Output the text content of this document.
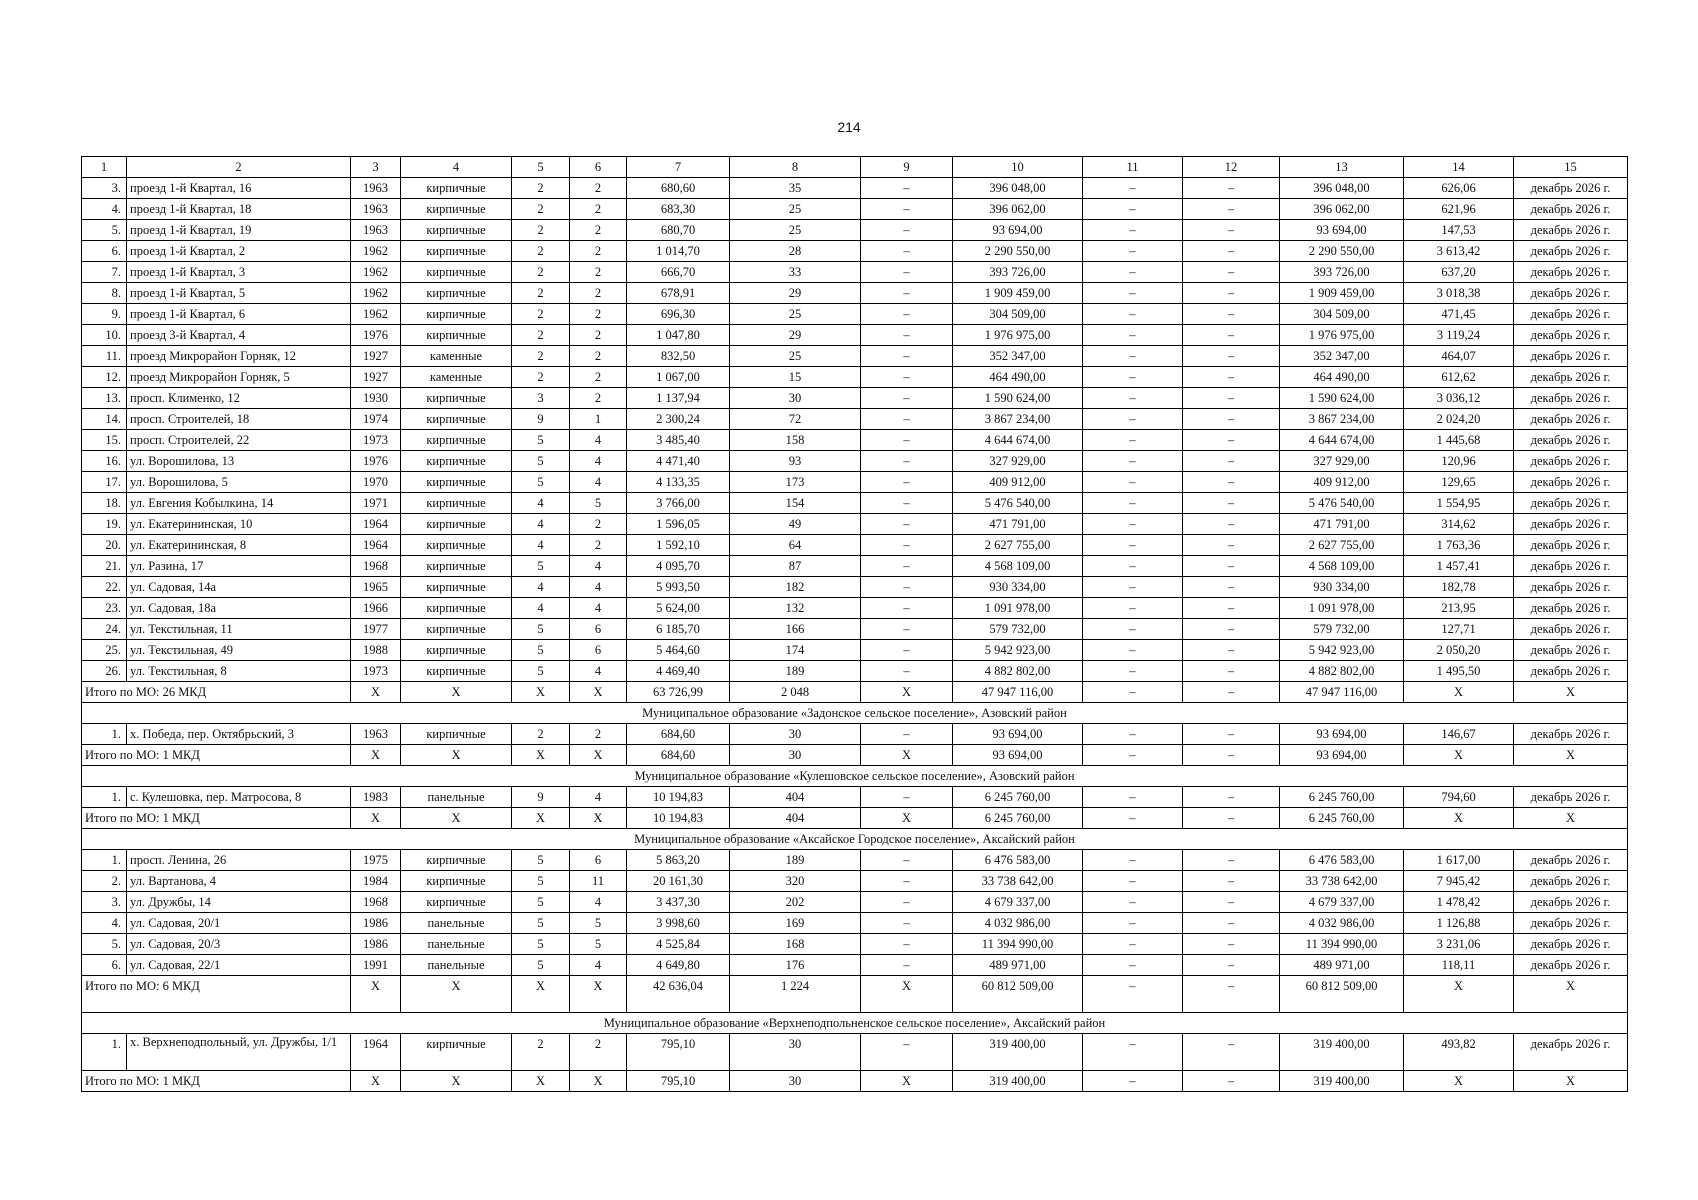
214
1	2	3	4	5	6	7	8	9	10	11	12	13	14	15
3.	проезд 1-й Квартал, 16	1963	кирпичные	2	2	680,60	35	–	396 048,00	–	–	396 048,00	626,06	декабрь 2026 г.
4.	проезд 1-й Квартал, 18	1963	кирпичные	2	2	683,30	25	–	396 062,00	–	–	396 062,00	621,96	декабрь 2026 г.
5.	проезд 1-й Квартал, 19	1963	кирпичные	2	2	680,70	25	–	93 694,00	–	–	93 694,00	147,53	декабрь 2026 г.
6.	проезд 1-й Квартал, 2	1962	кирпичные	2	2	1 014,70	28	–	2 290 550,00	–	–	2 290 550,00	3 613,42	декабрь 2026 г.
7.	проезд 1-й Квартал, 3	1962	кирпичные	2	2	666,70	33	–	393 726,00	–	–	393 726,00	637,20	декабрь 2026 г.
8.	проезд 1-й Квартал, 5	1962	кирпичные	2	2	678,91	29	–	1 909 459,00	–	–	1 909 459,00	3 018,38	декабрь 2026 г.
9.	проезд 1-й Квартал, 6	1962	кирпичные	2	2	696,30	25	–	304 509,00	–	–	304 509,00	471,45	декабрь 2026 г.
10.	проезд 3-й Квартал, 4	1976	кирпичные	2	2	1 047,80	29	–	1 976 975,00	–	–	1 976 975,00	3 119,24	декабрь 2026 г.
11.	проезд Микрорайон Горняк, 12	1927	каменные	2	2	832,50	25	–	352 347,00	–	–	352 347,00	464,07	декабрь 2026 г.
12.	проезд Микрорайон Горняк, 5	1927	каменные	2	2	1 067,00	15	–	464 490,00	–	–	464 490,00	612,62	декабрь 2026 г.
13.	просп. Клименко, 12	1930	кирпичные	3	2	1 137,94	30	–	1 590 624,00	–	–	1 590 624,00	3 036,12	декабрь 2026 г.
14.	просп. Строителей, 18	1974	кирпичные	9	1	2 300,24	72	–	3 867 234,00	–	–	3 867 234,00	2 024,20	декабрь 2026 г.
15.	просп. Строителей, 22	1973	кирпичные	5	4	3 485,40	158	–	4 644 674,00	–	–	4 644 674,00	1 445,68	декабрь 2026 г.
16.	ул. Ворошилова, 13	1976	кирпичные	5	4	4 471,40	93	–	327 929,00	–	–	327 929,00	120,96	декабрь 2026 г.
17.	ул. Ворошилова, 5	1970	кирпичные	5	4	4 133,35	173	–	409 912,00	–	–	409 912,00	129,65	декабрь 2026 г.
18.	ул. Евгения Кобылкина, 14	1971	кирпичные	4	5	3 766,00	154	–	5 476 540,00	–	–	5 476 540,00	1 554,95	декабрь 2026 г.
19.	ул. Екатерининская, 10	1964	кирпичные	4	2	1 596,05	49	–	471 791,00	–	–	471 791,00	314,62	декабрь 2026 г.
20.	ул. Екатерининская, 8	1964	кирпичные	4	2	1 592,10	64	–	2 627 755,00	–	–	2 627 755,00	1 763,36	декабрь 2026 г.
21.	ул. Разина, 17	1968	кирпичные	5	4	4 095,70	87	–	4 568 109,00	–	–	4 568 109,00	1 457,41	декабрь 2026 г.
22.	ул. Садовая, 14а	1965	кирпичные	4	4	5 993,50	182	–	930 334,00	–	–	930 334,00	182,78	декабрь 2026 г.
23.	ул. Садовая, 18а	1966	кирпичные	4	4	5 624,00	132	–	1 091 978,00	–	–	1 091 978,00	213,95	декабрь 2026 г.
24.	ул. Текстильная, 11	1977	кирпичные	5	6	6 185,70	166	–	579 732,00	–	–	579 732,00	127,71	декабрь 2026 г.
25.	ул. Текстильная, 49	1988	кирпичные	5	6	5 464,60	174	–	5 942 923,00	–	–	5 942 923,00	2 050,20	декабрь 2026 г.
26.	ул. Текстильная, 8	1973	кирпичные	5	4	4 469,40	189	–	4 882 802,00	–	–	4 882 802,00	1 495,50	декабрь 2026 г.
Итого по МО: 26 МКД		X	X	X	X	63 726,99	2 048	X	47 947 116,00	–	–	47 947 116,00	X	X
Муниципальное образование «Задонское сельское поселение», Азовский район														
1.	х. Победа, пер. Октябрьский, 3	1963	кирпичные	2	2	684,60	30	–	93 694,00	–	–	93 694,00	146,67	декабрь 2026 г.
Итого по МО: 1 МКД		X	X	X	X	684,60	30	X	93 694,00	–	–	93 694,00	X	X
Муниципальное образование «Кулешовское сельское поселение», Азовский район														
1.	с. Кулешовка, пер. Матросова, 8	1983	панельные	9	4	10 194,83	404	–	6 245 760,00	–	–	6 245 760,00	794,60	декабрь 2026 г.
Итого по МО: 1 МКД		X	X	X	X	10 194,83	404	X	6 245 760,00	–	–	6 245 760,00	X	X
Муниципальное образование «Аксайское Городское поселение», Аксайский район														
1.	просп. Ленина, 26	1975	кирпичные	5	6	5 863,20	189	–	6 476 583,00	–	–	6 476 583,00	1 617,00	декабрь 2026 г.
2.	ул. Вартанова, 4	1984	кирпичные	5	11	20 161,30	320	–	33 738 642,00	–	–	33 738 642,00	7 945,42	декабрь 2026 г.
3.	ул. Дружбы, 14	1968	кирпичные	5	4	3 437,30	202	–	4 679 337,00	–	–	4 679 337,00	1 478,42	декабрь 2026 г.
4.	ул. Садовая, 20/1	1986	панельные	5	5	3 998,60	169	–	4 032 986,00	–	–	4 032 986,00	1 126,88	декабрь 2026 г.
5.	ул. Садовая, 20/3	1986	панельные	5	5	4 525,84	168	–	11 394 990,00	–	–	11 394 990,00	3 231,06	декабрь 2026 г.
6.	ул. Садовая, 22/1	1991	панельные	5	4	4 649,80	176	–	489 971,00	–	–	489 971,00	118,11	декабрь 2026 г.
Итого по МО: 6 МКД		X	X	X	X	42 636,04	1 224	X	60 812 509,00	–	–	60 812 509,00	X	X
Муниципальное образование «Верхнеподпольненское сельское поселение», Аксайский район														
1.	х. Верхнеподпольный, ул. Дружбы, 1/1	1964	кирпичные	2	2	795,10	30	–	319 400,00	–	–	319 400,00	493,82	декабрь 2026 г.
Итого по МО: 1 МКД		X	X	X	X	795,10	30	X	319 400,00	–	–	319 400,00	X	X
